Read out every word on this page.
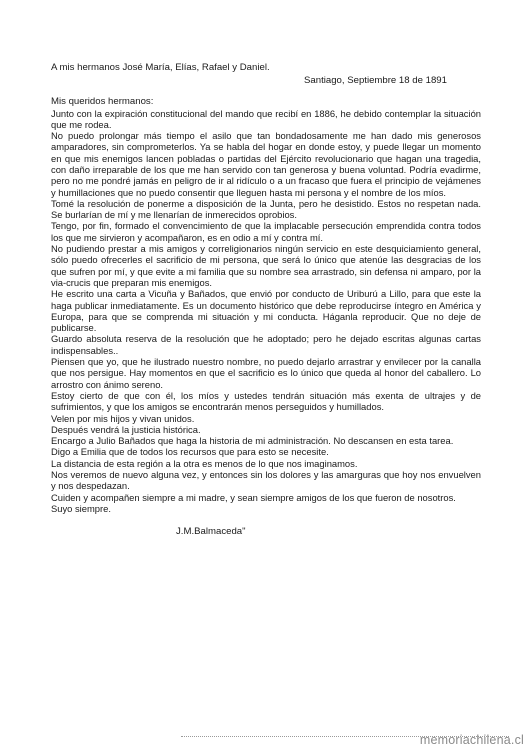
A mis hermanos José María, Elías, Rafael y Daniel.
Santiago, Septiembre 18 de 1891
Mis queridos hermanos:

Junto con la expiración constitucional del mando que recibí en 1886, he debido contemplar la situación que me rodea.

No puedo prolongar más tiempo el asilo que tan bondadosamente me han dado mis generosos amparadores, sin comprometerlos. Ya se habla del hogar en donde estoy, y puede llegar un momento en que mis enemigos lancen pobladas o partidas del Ejército revolucionario que hagan una tragedia, con daño irreparable de los que me han servido con tan generosa y buena voluntad. Podría evadirme, pero no me pondré jamás en peligro de ir al ridículo o a un fracaso que fuera el principio de vejámenes y humillaciones que no puedo consentir que lleguen hasta mi persona y el nombre de los míos.

Tomé la resolución de ponerme a disposición de la Junta, pero he desistido. Estos no respetan nada. Se burlarían de mí y me llenarían de inmerecidos oprobios.

Tengo, por fin, formado el convencimiento de que la implacable persecución emprendida contra todos los que me sirvieron y acompañaron, es en odio a mí y contra mí.

No pudiendo prestar a mis amigos y correligionarios ningún servicio en este desquiciamiento general, sólo puedo ofrecerles el sacrificio de mi persona, que será lo único que atenúe las desgracias de los que sufren por mí, y que evite a mi familia que su nombre sea arrastrado, sin defensa ni amparo, por la via-crucis que preparan mis enemigos.

He escrito una carta a Vicuña y Bañados, que envió por conducto de Uriburú a Lillo, para que este la haga publicar inmediatamente. Es un documento histórico que debe reproducirse íntegro en América y Europa, para que se comprenda mi situación y mi conducta. Háganla reproducir. Que no deje de publicarse.

Guardo absoluta reserva de la resolución que he adoptado; pero he dejado escritas algunas cartas indispensables..

Piensen que yo, que he ilustrado nuestro nombre, no puedo dejarlo arrastrar y envilecer por la canalla que nos persigue. Hay momentos en que el sacrificio es lo único que queda al honor del caballero. Lo arrostro con ánimo sereno.

Estoy cierto de que con él, los míos y ustedes tendrán situación más exenta de ultrajes y de sufrimientos, y que los amigos se encontrarán menos perseguidos y humillados.

Velen por mis hijos y vivan unidos.

Después vendrá la justicia histórica.

Encargo a Julio Bañados que haga la historia de mi administración. No descansen en esta tarea.

Digo a Emilia que de todos los recursos que para esto se necesite.

La distancia de esta región a la otra es menos de lo que nos imaginamos.

Nos veremos de nuevo alguna vez, y entonces sin los dolores y las amarguras que hoy nos envuelven y nos despedazan.

Cuiden y acompañen siempre a mi madre, y sean siempre amigos de los que fueron de nosotros.

Suyo siempre.

J.M.Balmaceda"
memoriachilena.cl
